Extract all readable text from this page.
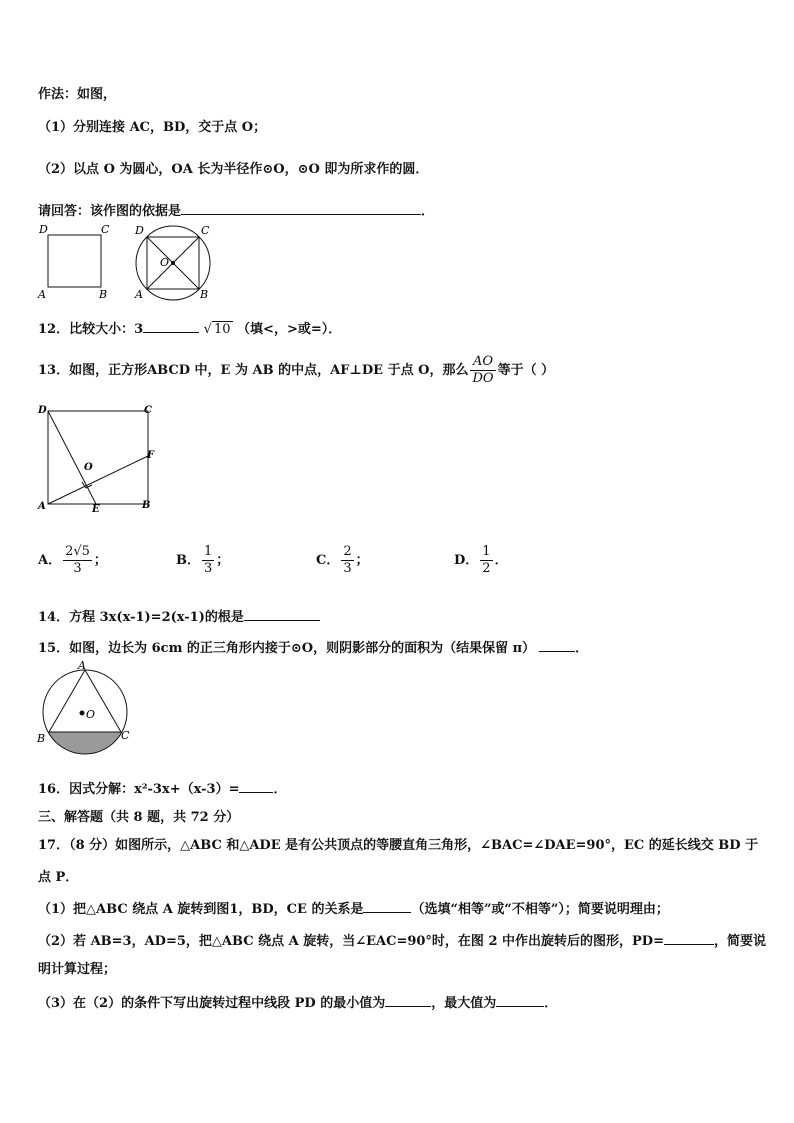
作法：如图，
（1）分别连接 AC，BD，交于点 O；
（2）以点 O 为圆心，OA 长为半径作⊙O，⊙O 即为所求作的圆．
请回答：该作图的依据是	．
D	C
A	B
D	C
O
A	B
12．比较大小：3	√ 10 （填<，>或=）．
13．如图，正方形ABCD 中，E 为 AB 的中点，AF⊥DE 于点 O，那么 $\frac{AO}{DO}$ 等于（ ）
D	C
F
O
A	E	B
A． $\frac{2√5}{3}$ ；	B． $\frac{1}{3}$ ；	C． $\frac{2}{3}$ ；	D． $\frac{1}{2}$ ．
14．方程 3x(x-1)=2(x-1)的根是
15．如图，边长为 6cm 的正三角形内接于⊙O，则阴影部分的面积为（结果保留 π）	．
A
O
B	C
16．因式分解：x²-3x+（x-3）=	．
三、解答题（共 8 题，共 72 分）
17．（8 分）如图所示，△ABC 和△ADE 是有公共顶点的等腰直角三角形，∠BAC=∠DAE=90°，EC 的延长线交 BD 于
点 P．
（1）把△ABC 绕点 A 旋转到图1，BD，CE 的关系是	（选填“相等”或“不相等”）；简要说明理由；
（2）若 AB=3，AD=5，把△ABC 绕点 A 旋转，当∠EAC=90°时，在图 2 中作出旋转后的图形，PD=	，简要说
明计算过程；
（3）在（2）的条件下写出旋转过程中线段 PD 的最小值为	，最大值为	．
